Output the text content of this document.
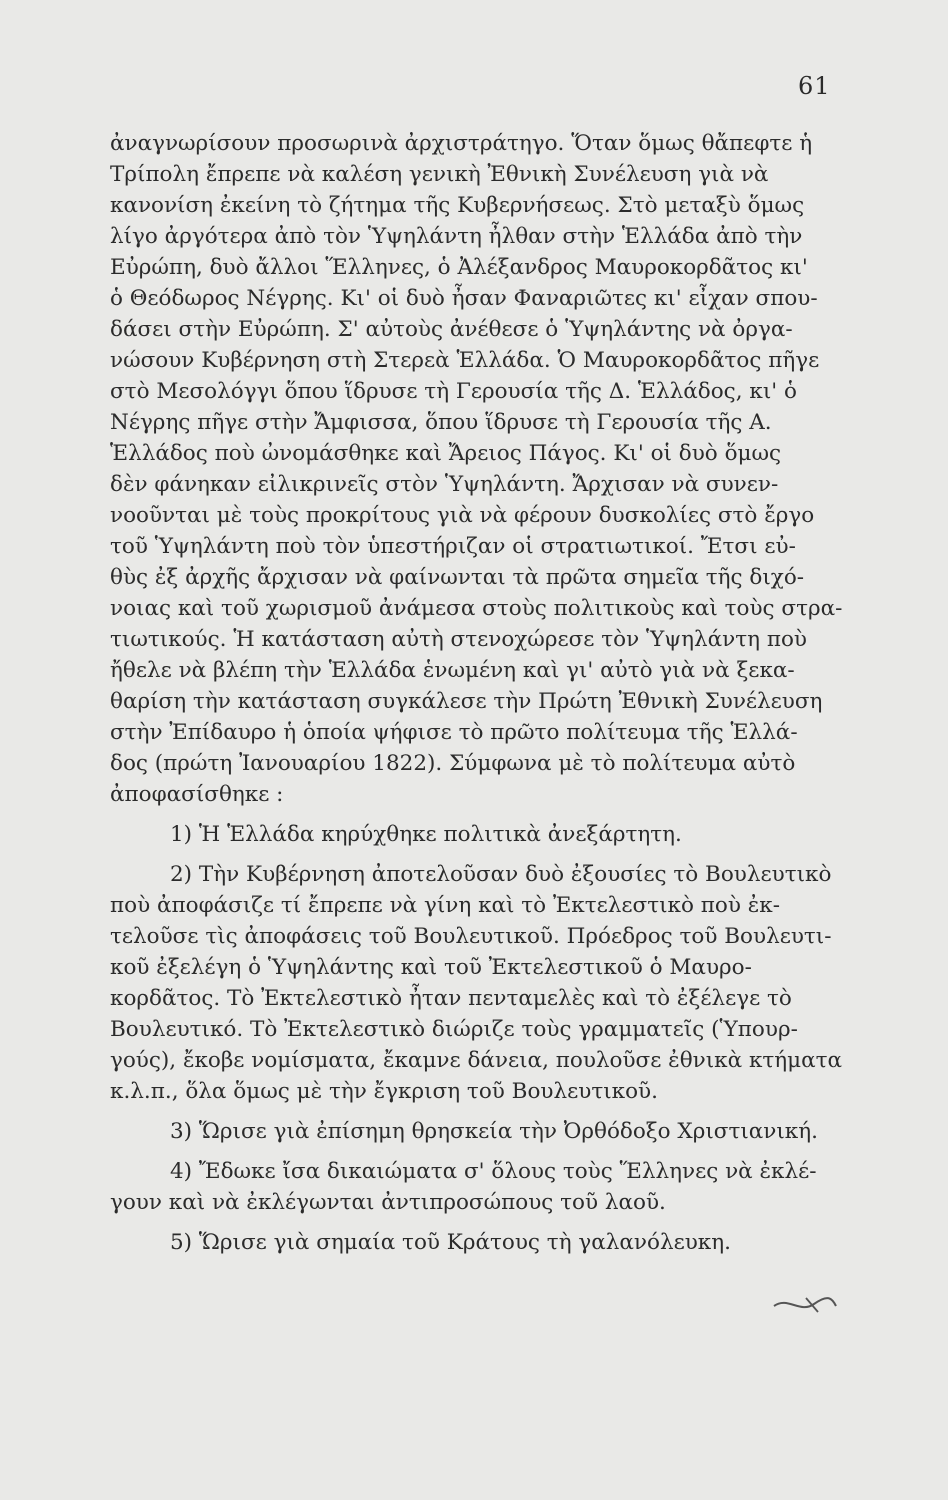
61
ἀναγνωρίσουν προσωρινὰ ἀρχιστράτηγο. Ὅταν ὅμως θἄπεφτε ἡ
Τρίπολη ἔπρεπε νὰ καλέση γενικὴ Ἐθνικὴ Συνέλευση γιὰ νὰ
κανονίση ἐκείνη τὸ ζήτημα τῆς Κυβερνήσεως. Στὸ μεταξὺ ὅμως
λίγο ἀργότερα ἀπὸ τὸν Ὑψηλάντη ἦλθαν στὴν Ἑλλάδα ἀπὸ τὴν
Εὐρώπη, δυὸ ἄλλοι Ἕλληνες, ὁ Ἀλέξανδρος Μαυροκορδᾶτος κι'
ὁ Θεόδωρος Νέγρης. Κι' οἱ δυὸ ἦσαν Φαναριῶτες κι' εἶχαν σπου-
δάσει στὴν Εὐρώπη. Σ' αὐτοὺς ἀνέθεσε ὁ Ὑψηλάντης νὰ ὀργα-
νώσουν Κυβέρνηση στὴ Στερεὰ Ἑλλάδα. Ὁ Μαυροκορδᾶτος πῆγε
στὸ Μεσολόγγι ὅπου ἵδρυσε τὴ Γερουσία τῆς Δ. Ἑλλάδος, κι' ὁ
Νέγρης πῆγε στὴν Ἄμφισσα, ὅπου ἵδρυσε τὴ Γερουσία τῆς Α.
Ἑλλάδος ποὺ ὠνομάσθηκε καὶ Ἄρειος Πάγος. Κι' οἱ δυὸ ὅμως
δὲν φάνηκαν εἰλικρινεῖς στὸν Ὑψηλάντη. Ἄρχισαν νὰ συνεν-
νοοῦνται μὲ τοὺς προκρίτους γιὰ νὰ φέρουν δυσκολίες στὸ ἔργο
τοῦ Ὑψηλάντη ποὺ τὸν ὑπεστήριζαν οἱ στρατιωτικοί. Ἔτσι εὐ-
θὺς ἐξ ἀρχῆς ἄρχισαν νὰ φαίνωνται τὰ πρῶτα σημεῖα τῆς διχό-
νοιας καὶ τοῦ χωρισμοῦ ἀνάμεσα στοὺς πολιτικοὺς καὶ τοὺς στρα-
τιωτικούς. Ἡ κατάσταση αὐτὴ στενοχώρεσε τὸν Ὑψηλάντη ποὺ
ἤθελε νὰ βλέπη τὴν Ἑλλάδα ἑνωμένη καὶ γι' αὐτὸ γιὰ νὰ ξεκα-
θαρίση τὴν κατάσταση συγκάλεσε τὴν Πρώτη Ἐθνικὴ Συνέλευση
στὴν Ἐπίδαυρο ἡ ὁποία ψήφισε τὸ πρῶτο πολίτευμα τῆς Ἑλλά-
δος (πρώτη Ἰανουαρίου 1822). Σύμφωνα μὲ τὸ πολίτευμα αὐτὸ
ἀποφασίσθηκε :
1) Ἡ Ἑλλάδα κηρύχθηκε πολιτικὰ ἀνεξάρτητη.
2) Τὴν Κυβέρνηση ἀποτελοῦσαν δυὸ ἐξουσίες τὸ Βουλευτικὸ
ποὺ ἀποφάσιζε τί ἔπρεπε νὰ γίνη καὶ τὸ Ἐκτελεστικὸ ποὺ ἐκ-
τελοῦσε τὶς ἀποφάσεις τοῦ Βουλευτικοῦ. Πρόεδρος τοῦ Βουλευτι-
κοῦ ἐξελέγη ὁ Ὑψηλάντης καὶ τοῦ Ἐκτελεστικοῦ ὁ Μαυρο-
κορδᾶτος. Τὸ Ἐκτελεστικὸ ἦταν πενταμελὲς καὶ τὸ ἐξέλεγε τὸ
Βουλευτικό. Τὸ Ἐκτελεστικὸ διώριζε τοὺς γραμματεῖς (Ὑπουρ-
γούς), ἔκοβε νομίσματα, ἔκαμνε δάνεια, πουλοῦσε ἐθνικὰ κτήματα
κ.λ.π., ὅλα ὅμως μὲ τὴν ἔγκριση τοῦ Βουλευτικοῦ.
3) Ὥρισε γιὰ ἐπίσημη θρησκεία τὴν Ὀρθόδοξο Χριστιανική.
4) Ἔδωκε ἴσα δικαιώματα σ' ὅλους τοὺς Ἕλληνες νὰ ἐκλέ-
γουν καὶ νὰ ἐκλέγωνται ἀντιπροσώπους τοῦ λαοῦ.
5) Ὥρισε γιὰ σημαία τοῦ Κράτους τὴ γαλανόλευκη.
